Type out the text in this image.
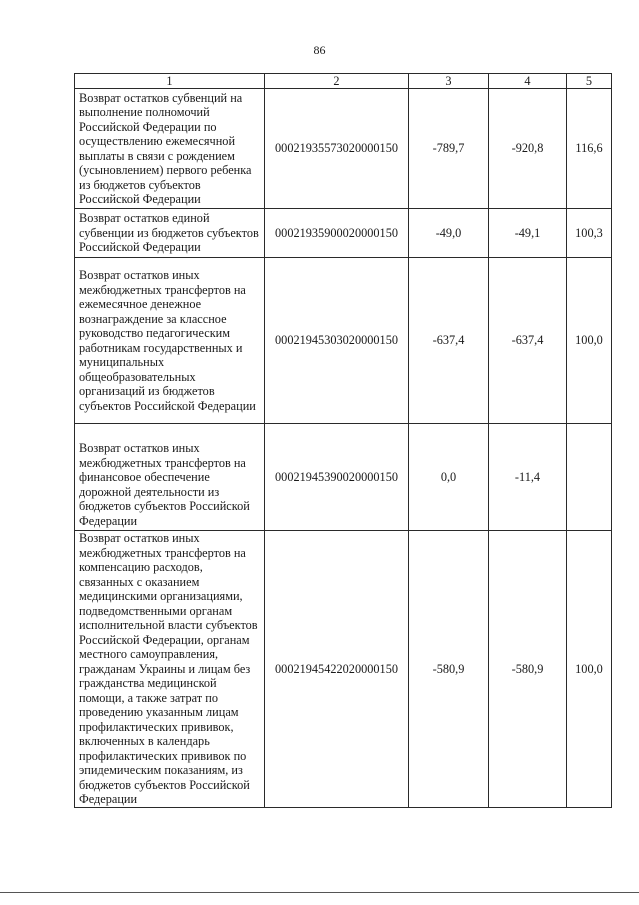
86
1	2	3	4	5
Возврат остатков субвенций на выполнение полномочий Российской Федерации по осуществлению ежемесячной выплаты в связи с рождением (усыновлением) первого ребенка из бюджетов субъектов Российской Федерации	00021935573020000150	-789,7	-920,8	116,6
Возврат остатков единой субвенции из бюджетов субъектов Российской Федерации	00021935900020000150	-49,0	-49,1	100,3
Возврат остатков иных межбюджетных трансфертов на ежемесячное денежное вознаграждение за классное руководство педагогическим работникам государственных и муниципальных общеобразовательных организаций из бюджетов субъектов Российской Федерации	00021945303020000150	-637,4	-637,4	100,0
Возврат остатков иных межбюджетных трансфертов на финансовое обеспечение дорожной деятельности из бюджетов субъектов Российской Федерации	00021945390020000150	0,0	-11,4	
Возврат остатков иных межбюджетных трансфертов на компенсацию расходов, связанных с оказанием медицинскими организациями, подведомственными органам исполнительной власти субъектов Российской Федерации, органам местного самоуправления, гражданам Украины и лицам без гражданства медицинской помощи, а также затрат по проведению указанным лицам профилактических прививок, включенных в календарь профилактических прививок по эпидемическим показаниям, из бюджетов субъектов Российской Федерации	00021945422020000150	-580,9	-580,9	100,0
